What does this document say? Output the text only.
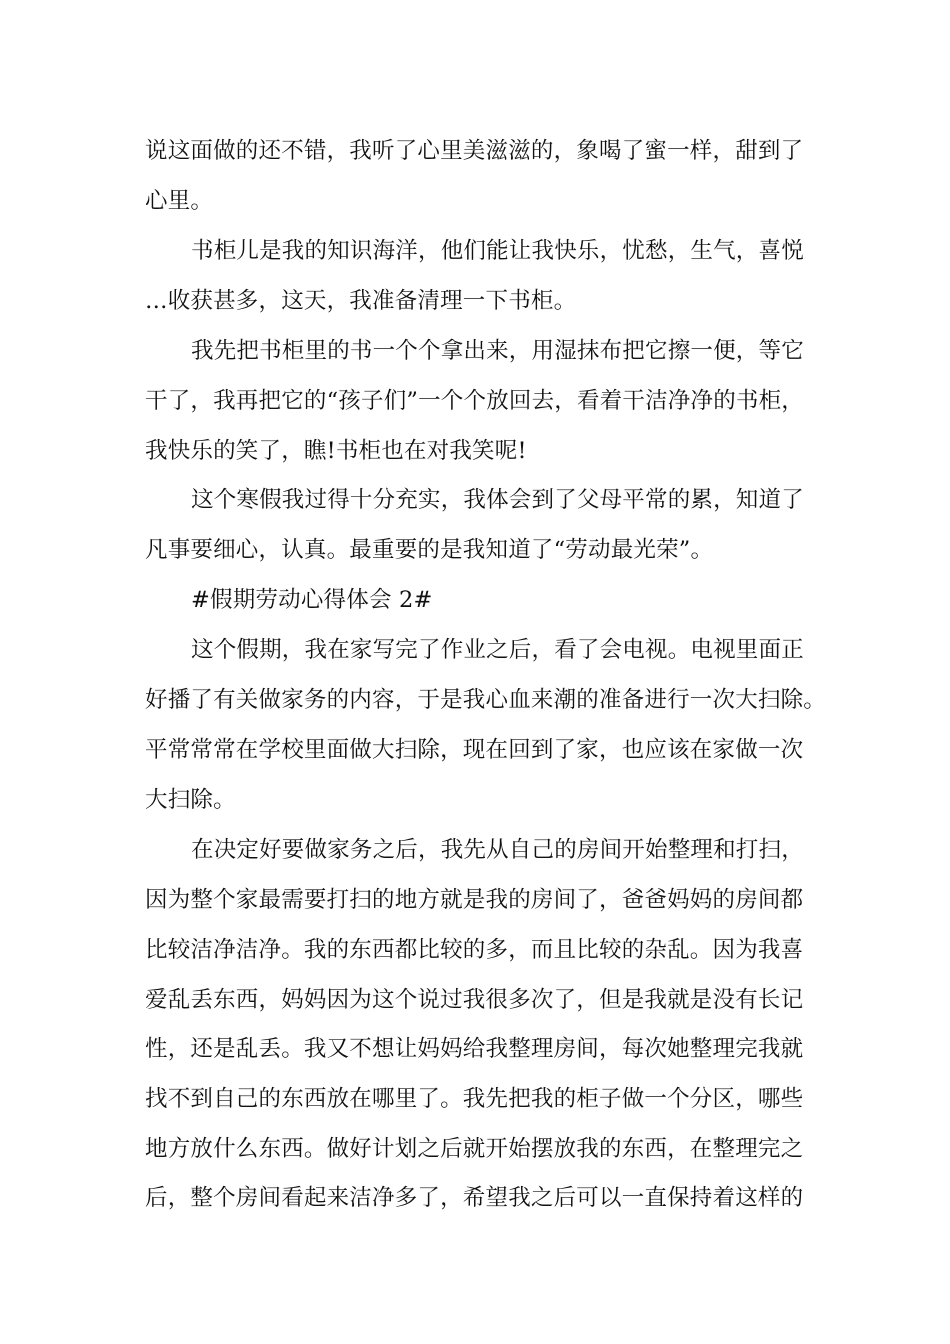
说这面做的还不错，我听了心里美滋滋的，象喝了蜜一样，甜到了
心里。
书柜儿是我的知识海洋，他们能让我快乐，忧愁，生气，喜悦
…收获甚多，这天，我准备清理一下书柜。
我先把书柜里的书一个个拿出来，用湿抹布把它擦一便，等它
干了，我再把它的“孩子们”一个个放回去，看着干洁净净的书柜，
我快乐的笑了，瞧!书柜也在对我笑呢!
这个寒假我过得十分充实，我体会到了父母平常的累，知道了
凡事要细心，认真。最重要的是我知道了“劳动最光荣”。
#假期劳动心得体会 2#
这个假期，我在家写完了作业之后，看了会电视。电视里面正
好播了有关做家务的内容，于是我心血来潮的准备进行一次大扫除。
平常常常在学校里面做大扫除，现在回到了家，也应该在家做一次
大扫除。
在决定好要做家务之后，我先从自己的房间开始整理和打扫，
因为整个家最需要打扫的地方就是我的房间了，爸爸妈妈的房间都
比较洁净洁净。我的东西都比较的多，而且比较的杂乱。因为我喜
爱乱丢东西，妈妈因为这个说过我很多次了，但是我就是没有长记
性，还是乱丢。我又不想让妈妈给我整理房间，每次她整理完我就
找不到自己的东西放在哪里了。我先把我的柜子做一个分区，哪些
地方放什么东西。做好计划之后就开始摆放我的东西，在整理完之
后，整个房间看起来洁净多了，希望我之后可以一直保持着这样的
